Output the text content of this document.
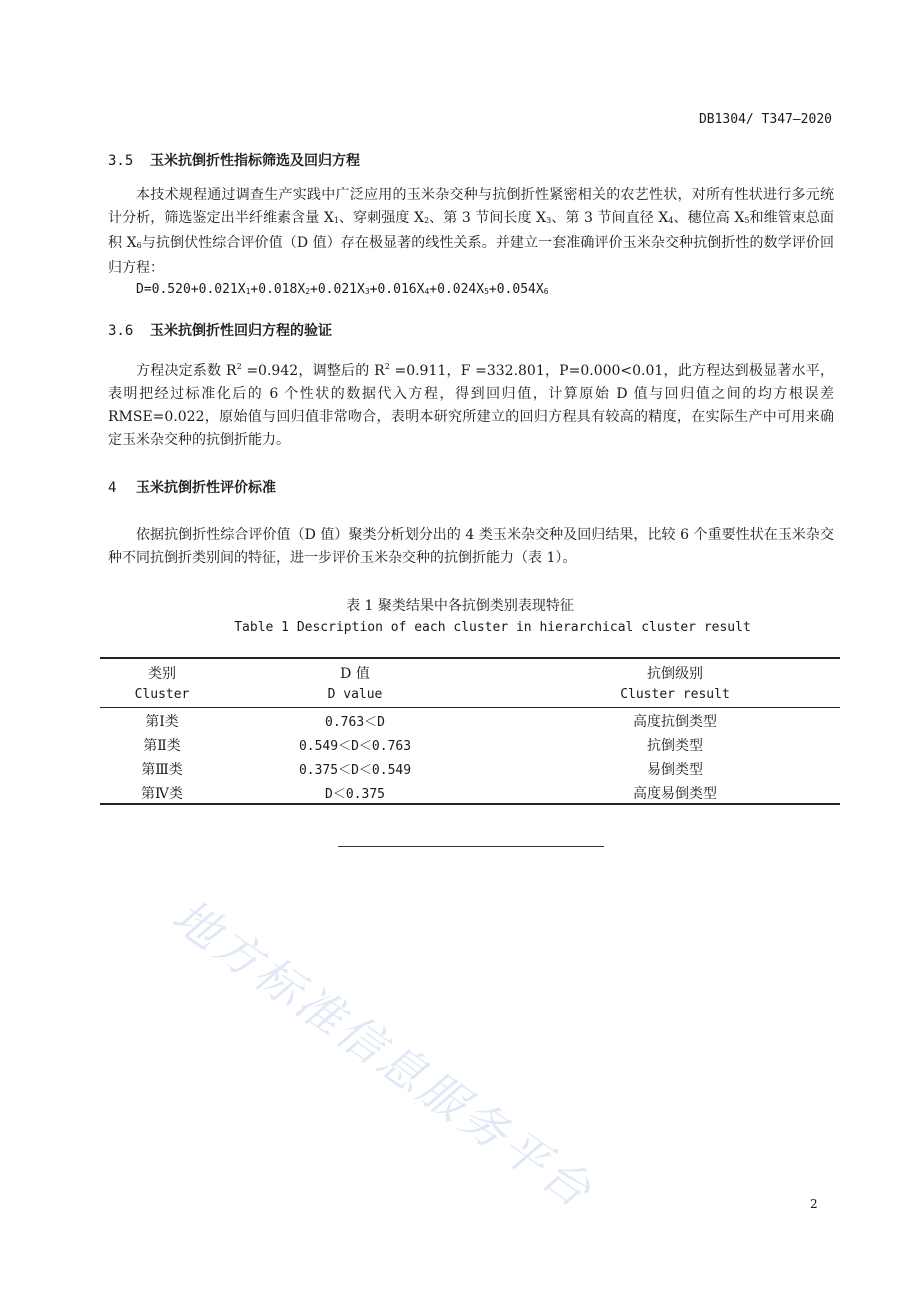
DB1304/ T347—2020
3.5 玉米抗倒折性指标筛选及回归方程
本技术规程通过调查生产实践中广泛应用的玉米杂交种与抗倒折性紧密相关的农艺性状，对所有性状进行多元统计分析，筛选鉴定出半纤维素含量 $X_1$、穿刺强度 $X_2$、第 3 节间长度 $X_3$、第 3 节间直径 $X_4$、穗位高 $X_5$和维管束总面积 $X_6$与抗倒伏性综合评价值（D 值）存在极显著的线性关系。并建立一套准确评价玉米杂交种抗倒折性的数学评价回归方程：
$D=0.520+0.021X_1+0.018X_2+0.021X_3+0.016X_4+0.024X_5+0.054X_6$
3.6 玉米抗倒折性回归方程的验证
方程决定系数 $R^2 =0.942$，调整后的 $R^2 =0.911$，F =332.801，P=0.000<0.01，此方程达到极显著水平，表明把经过标准化后的 6 个性状的数据代入方程，得到回归值，计算原始 D 值与回归值之间的均方根误差 RMSE=0.022，原始值与回归值非常吻合，表明本研究所建立的回归方程具有较高的精度，在实际生产中可用来确定玉米杂交种的抗倒折能力。
4 玉米抗倒折性评价标准
依据抗倒折性综合评价值（D 值）聚类分析划分出的 4 类玉米杂交种及回归结果，比较 6 个重要性状在玉米杂交种不同抗倒折类别间的特征，进一步评价玉米杂交种的抗倒折能力（表 1）。
表 1 聚类结果中各抗倒类别表现特征
Table 1 Description of each cluster in hierarchical cluster result
类别	D 值	抗倒级别
Cluster	D value	Cluster result
第Ⅰ类	0.763＜D	高度抗倒类型
第Ⅱ类	0.549＜D＜0.763	抗倒类型
第Ⅲ类	0.375＜D＜0.549	易倒类型
第Ⅳ类	D＜0.375	高度易倒类型
地方标准信息服务平台	2
